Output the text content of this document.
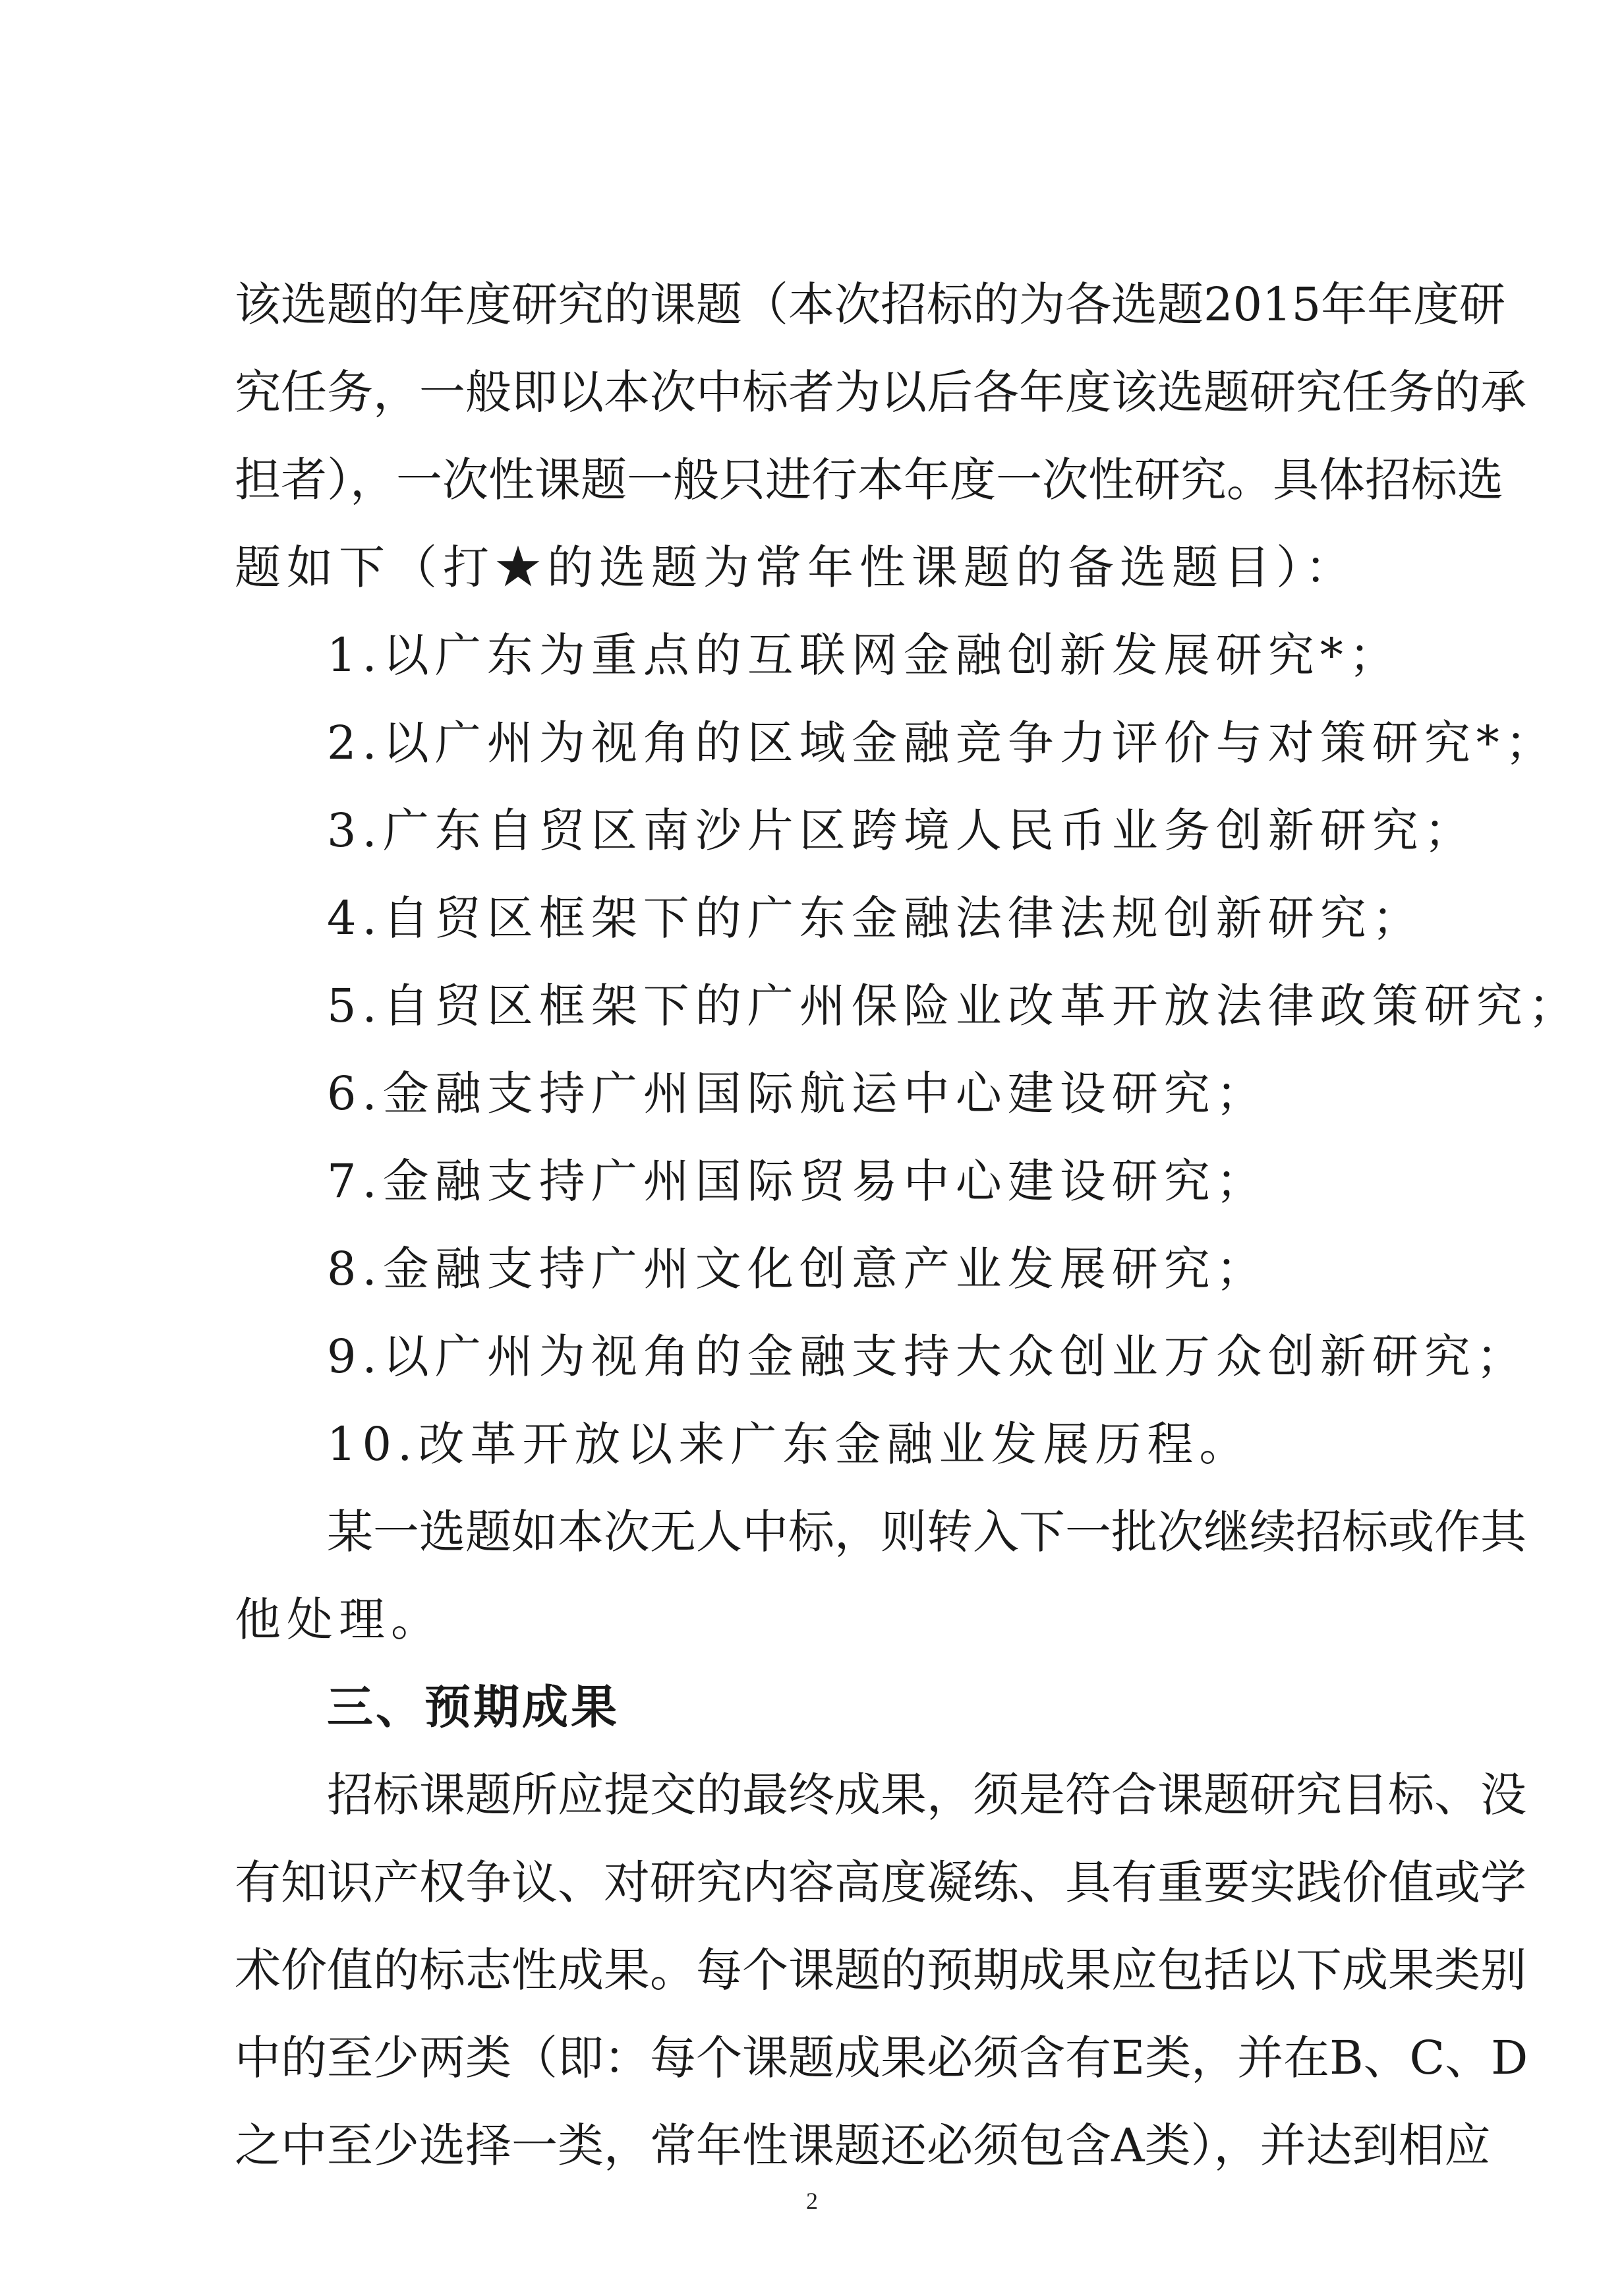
该选题的年度研究的课题（本次招标的为各选题2015年年度研
究任务，一般即以本次中标者为以后各年度该选题研究任务的承
担者），一次性课题一般只进行本年度一次性研究。具体招标选
题如下（打★的选题为常年性课题的备选题目）：
1.以广东为重点的互联网金融创新发展研究*；
2.以广州为视角的区域金融竞争力评价与对策研究*；
3.广东自贸区南沙片区跨境人民币业务创新研究；
4.自贸区框架下的广东金融法律法规创新研究；
5.自贸区框架下的广州保险业改革开放法律政策研究；
6.金融支持广州国际航运中心建设研究；
7.金融支持广州国际贸易中心建设研究；
8.金融支持广州文化创意产业发展研究；
9.以广州为视角的金融支持大众创业万众创新研究；
10.改革开放以来广东金融业发展历程。
某一选题如本次无人中标，则转入下一批次继续招标或作其
他处理。
三、预期成果
招标课题所应提交的最终成果，须是符合课题研究目标、没
有知识产权争议、对研究内容高度凝练、具有重要实践价值或学
术价值的标志性成果。每个课题的预期成果应包括以下成果类别
中的至少两类（即：每个课题成果必须含有E类，并在B、C、D
之中至少选择一类，常年性课题还必须包含A类），并达到相应
2
